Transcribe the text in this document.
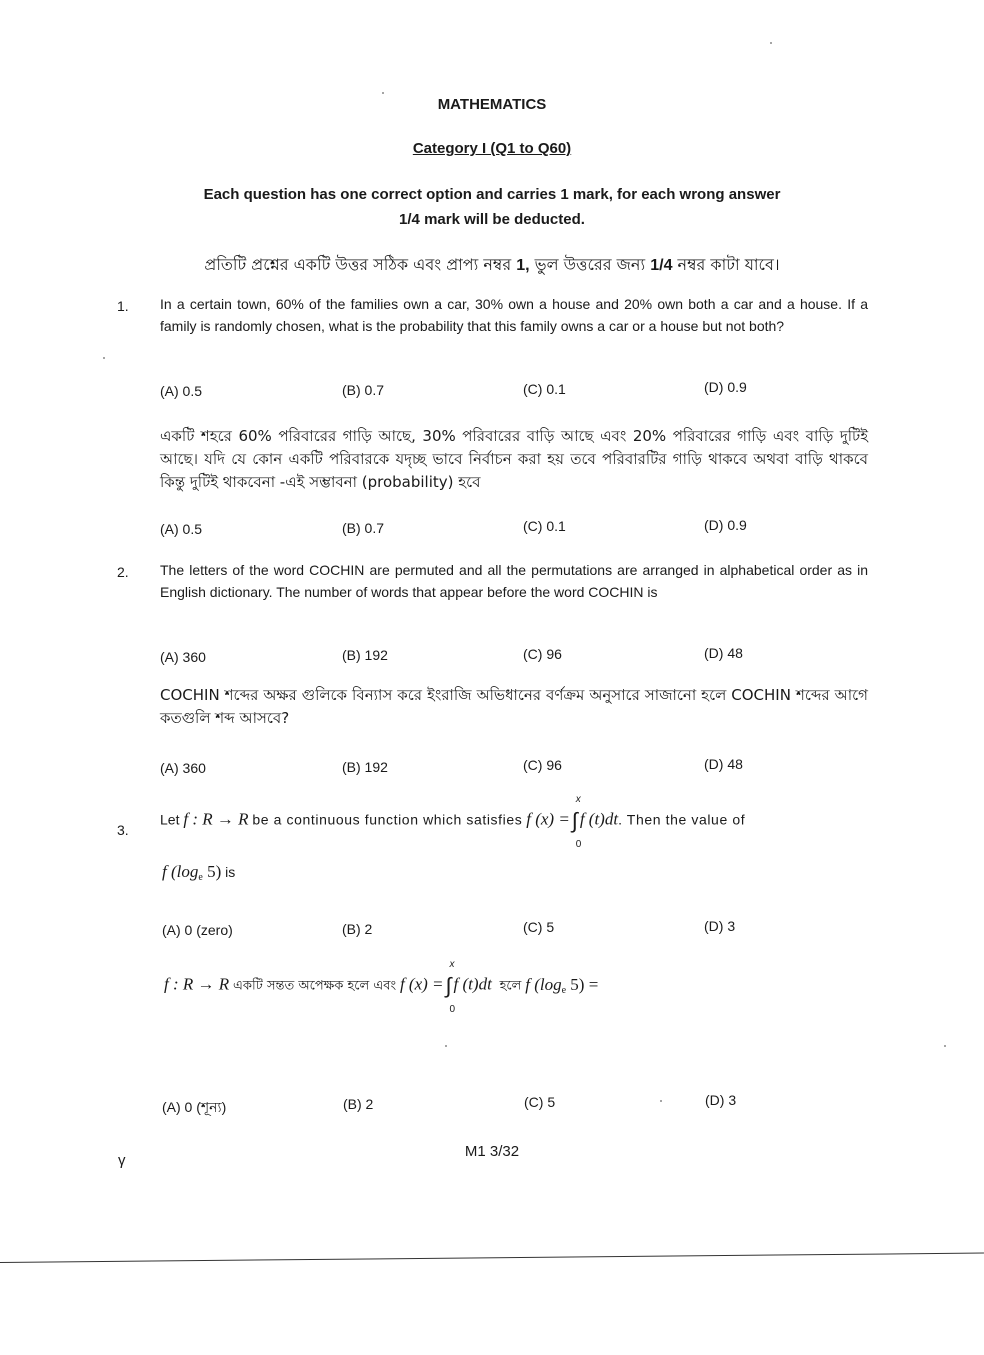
MATHEMATICS
Category I (Q1 to Q60)
Each question has one correct option and carries 1 mark, for each wrong answer
1/4 mark will be deducted.
প্রতিটি প্রশ্নের একটি উত্তর সঠিক এবং প্রাপ্য নম্বর 1, ভুল উত্তরের জন্য 1/4 নম্বর কাটা যাবে।
1. In a certain town, 60% of the families own a car, 30% own a house and 20% own both a car and a house. If a family is randomly chosen, what is the probability that this family owns a car or a house but not both?
(A) 0.5	(B) 0.7	(C) 0.1	(D) 0.9
একটি শহরে 60% পরিবারের গাড়ি আছে, 30% পরিবারের বাড়ি আছে এবং 20% পরিবারের গাড়ি এবং বাড়ি দুটিই আছে। যদি যে কোন একটি পরিবারকে যদৃচ্ছ ভাবে নির্বাচন করা হয় তবে পরিবারটির গাড়ি থাকবে অথবা বাড়ি থাকবে কিন্তু দুটিই থাকবেনা -এই সম্ভাবনা (probability) হবে
(A) 0.5	(B) 0.7	(C) 0.1	(D) 0.9
2. The letters of the word COCHIN are permuted and all the permutations are arranged in alphabetical order as in English dictionary. The number of words that appear before the word COCHIN is
(A) 360	(B) 192	(C) 96	(D) 48
COCHIN শব্দের অক্ষর গুলিকে বিন্যাস করে ইংরাজি অভিধানের বর্ণক্রম অনুসারে সাজানো হলে COCHIN শব্দের আগে কতগুলি শব্দ আসবে?
(A) 360	(B) 192	(C) 96	(D) 48
3.
Let f : R → R be a continuous function which satisfies f (x) =∫
x
0
f (t)dt. Then the value of
f ($\log_e$ 5) is
(A) 0 (zero)	(B) 2	(C) 5	(D) 3
f : R → R একটি সন্তত অপেক্ষক হলে এবং f (x) =∫
x
0
f (t)dt হলে f ($\log_e$ 5) =
(A) 0 (শূন্য)	(B) 2	(C) 5	(D) 3
γ
M1 3/32
